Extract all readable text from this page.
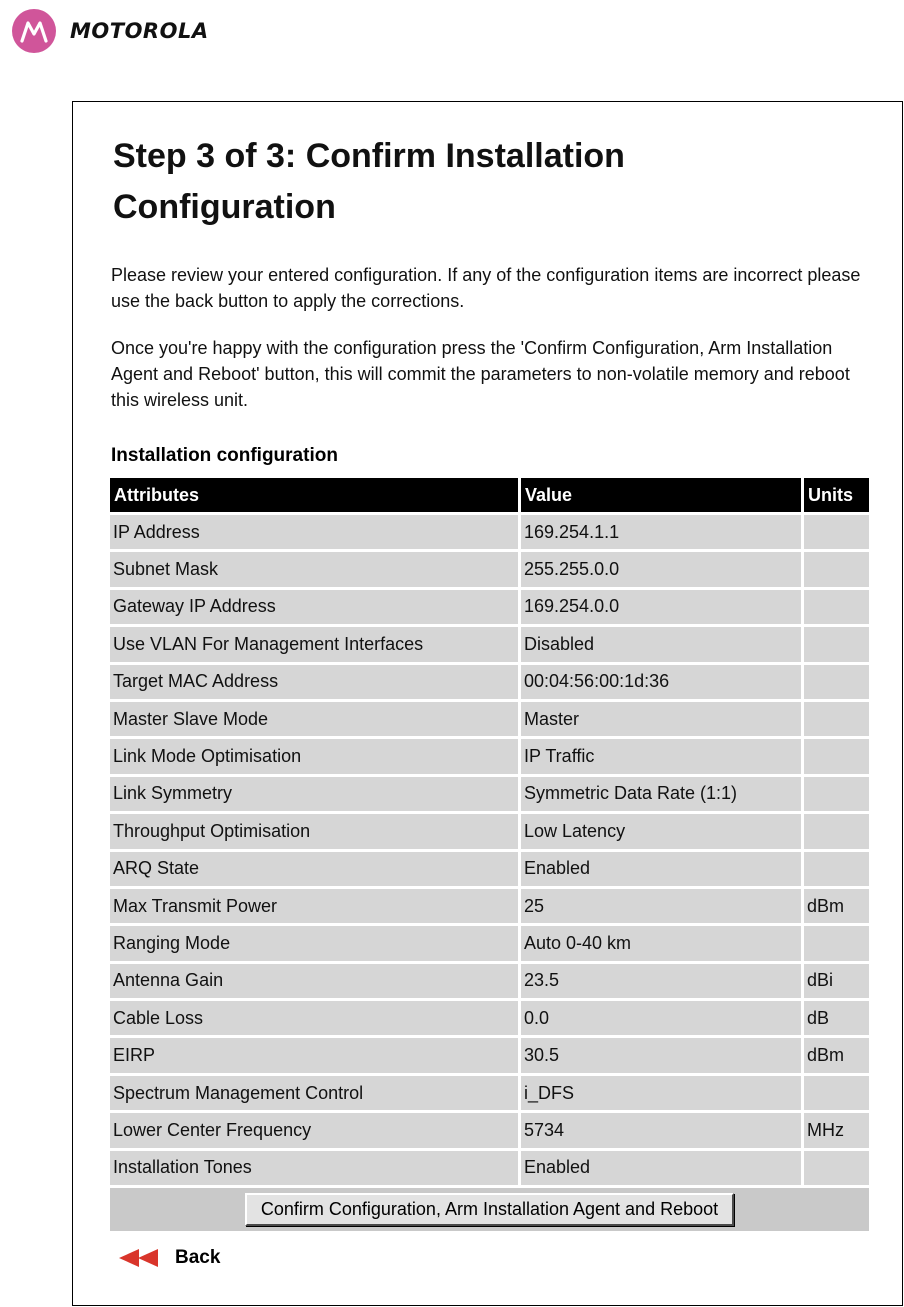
MOTOROLA
Step 3 of 3: Confirm Installation Configuration

Please review your entered configuration. If any of the configuration items are incorrect please use the back button to apply the corrections.

Once you're happy with the configuration press the 'Confirm Configuration, Arm Installation Agent and Reboot' button, this will commit the parameters to non-volatile memory and reboot this wireless unit.

Installation configuration
Attributes	Value	Units
IP Address	169.254.1.1	
Subnet Mask	255.255.0.0	
Gateway IP Address	169.254.0.0	
Use VLAN For Management Interfaces	Disabled	
Target MAC Address	00:04:56:00:1d:36	
Master Slave Mode	Master	
Link Mode Optimisation	IP Traffic	
Link Symmetry	Symmetric Data Rate (1:1)	
Throughput Optimisation	Low Latency	
ARQ State	Enabled	
Max Transmit Power	25	dBm
Ranging Mode	Auto 0-40 km	
Antenna Gain	23.5	dBi
Cable Loss	0.0	dB
EIRP	30.5	dBm
Spectrum Management Control	i_DFS	
Lower Center Frequency	5734	MHz
Installation Tones	Enabled	
Confirm Configuration, Arm Installation Agent and Reboot		
Back
